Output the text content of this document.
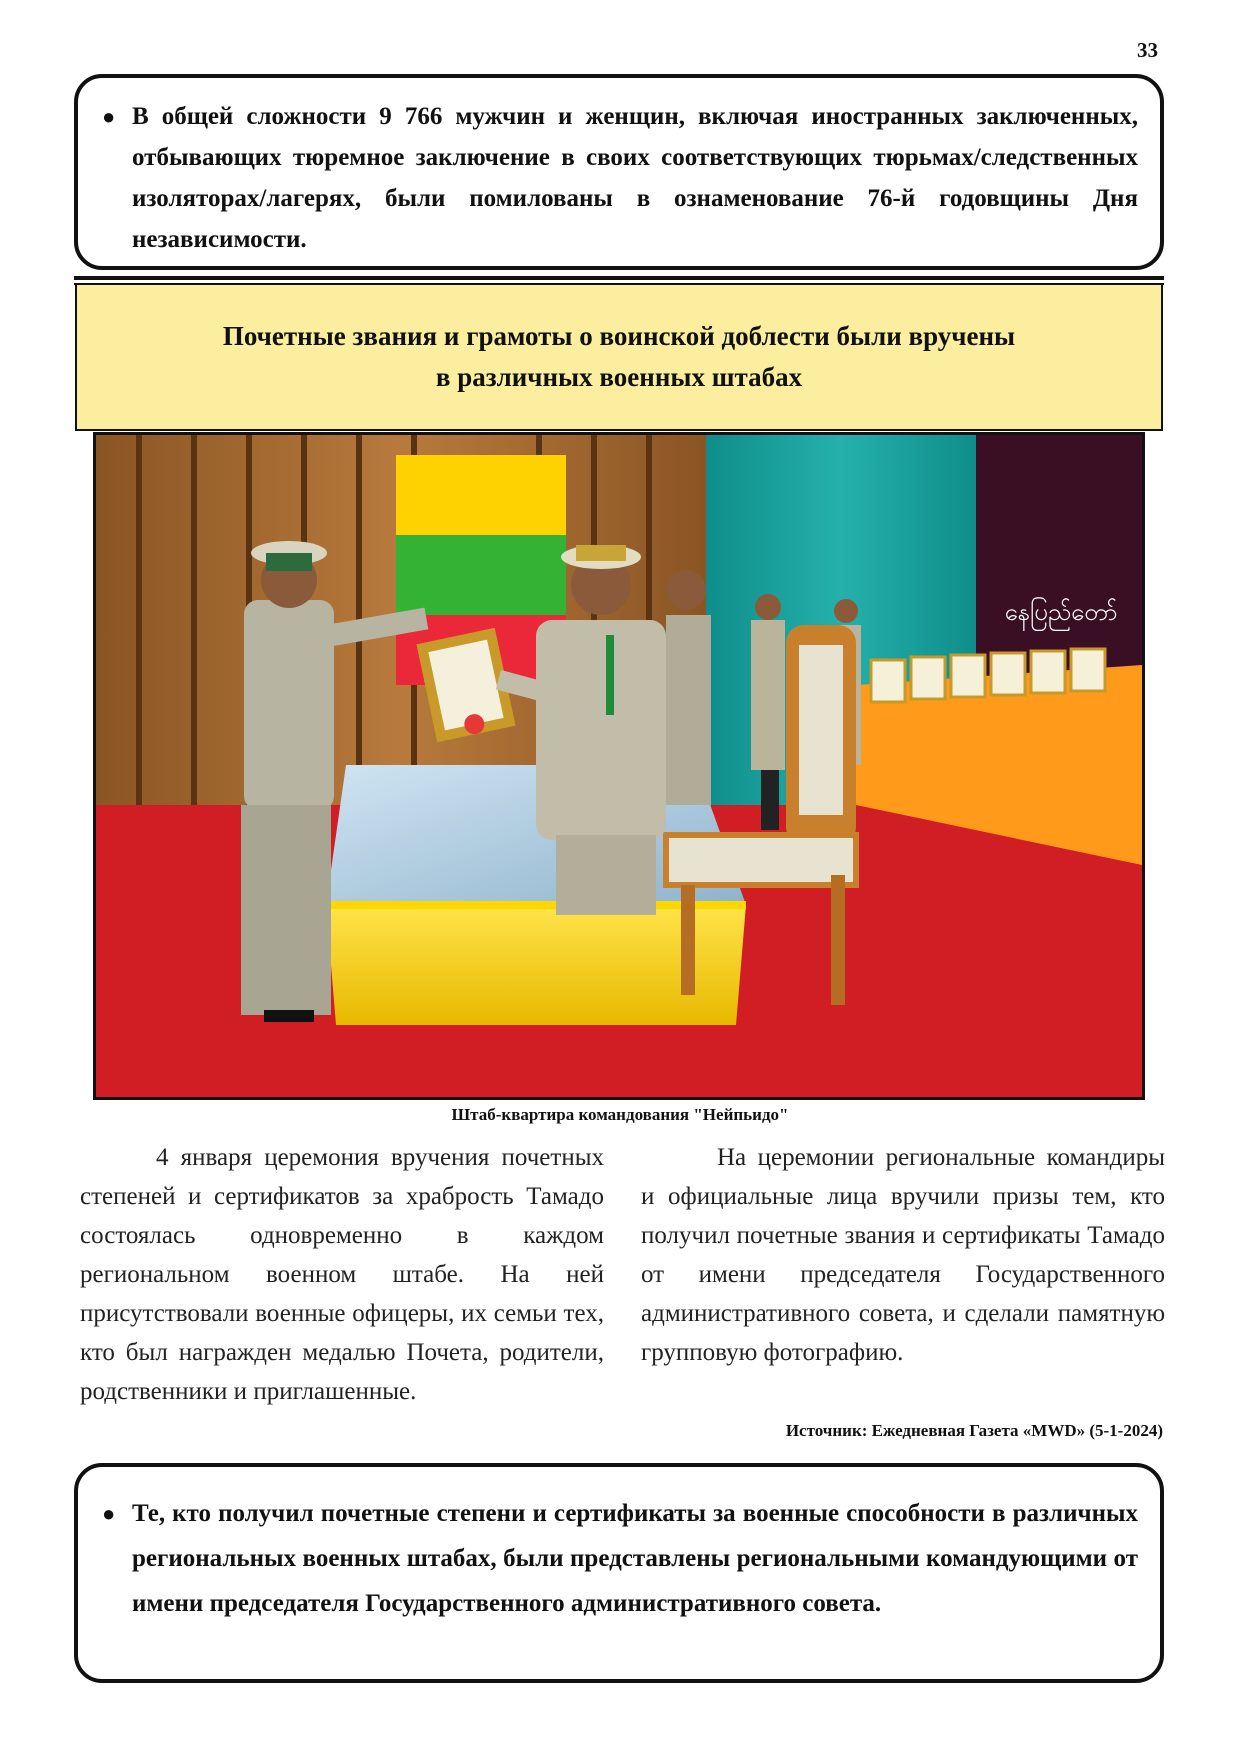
33

● В общей сложности 9 766 мужчин и женщин, включая иностранных заключенных, отбывающих тюремное заключение в своих соответствующих тюрьмах/следственных изоляторах/лагерях, были помилованы в ознаменование 76-й годовщины Дня независимости.

Почетные звания и грамоты о воинской доблести были вручены
в различных военных штабах

နေပြည်တော်
Штаб-квартира командования "Нейпьидо"

4 января церемония вручения почетных степеней и сертификатов за храбрость Тамадо состоялась одновременно в каждом региональном военном штабе. На ней присутствовали военные офицеры, их семьи тех, кто был награжден медалью Почета, родители, родственники и приглашенные.

На церемонии региональные командиры и официальные лица вручили призы тем, кто получил почетные звания и сертификаты Тамадо от имени председателя Государственного административного совета, и сделали памятную групповую фотографию.

Источник: Ежедневная Газета «MWD» (5-1-2024)

● Те, кто получил почетные степени и сертификаты за военные способности в различных региональных военных штабах, были представлены региональными командующими от имени председателя Государственного административного совета.
